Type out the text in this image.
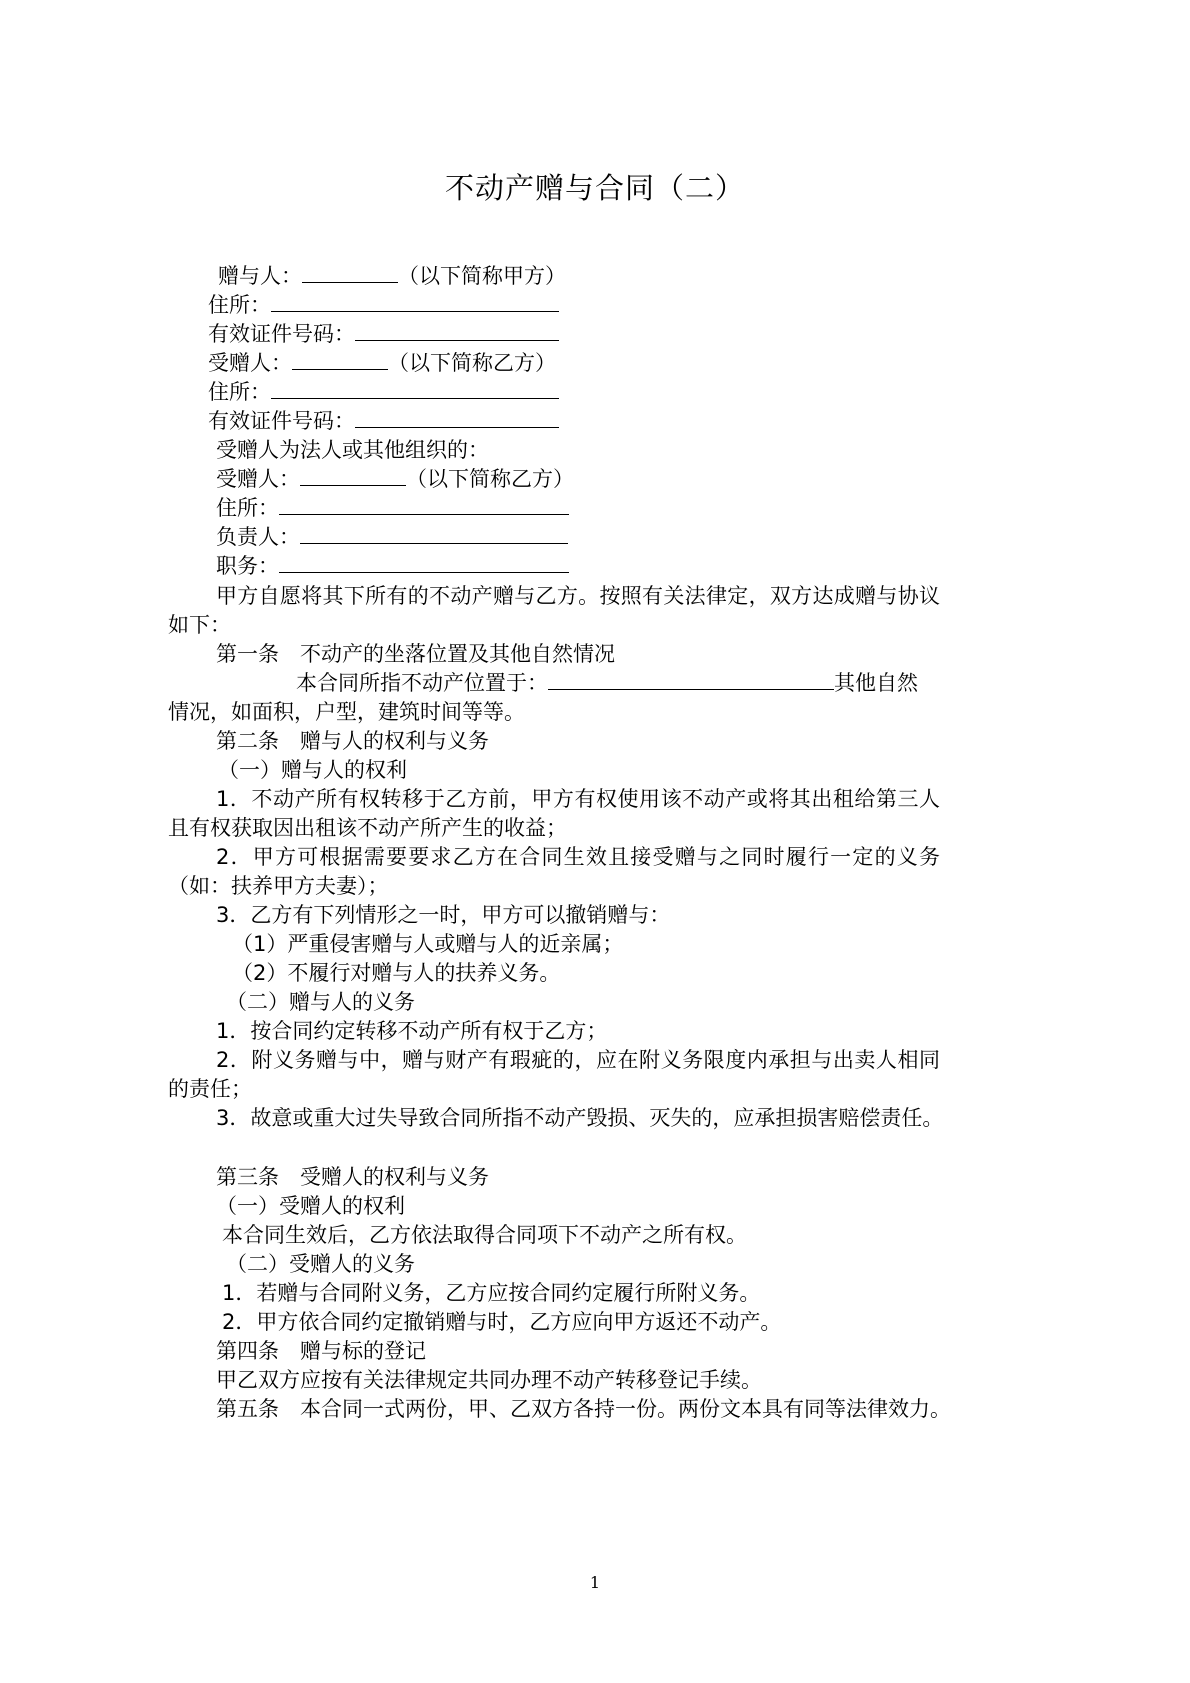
不动产赠与合同（二）
赠与人：	（以下简称甲方）
住所：
有效证件号码：
受赠人：	（以下简称乙方）
住所：
有效证件号码：
受赠人为法人或其他组织的：
受赠人：	（以下简称乙方）
住所：
负责人：
职务：
甲方自愿将其下所有的不动产赠与乙方。按照有关法律定，双方达成赠与协议
如下：
第一条　不动产的坐落位置及其他自然情况
本合同所指不动产位置于：	其他自然
情况，如面积，户型，建筑时间等等。
第二条　赠与人的权利与义务
（一）赠与人的权利
1．不动产所有权转移于乙方前，甲方有权使用该不动产或将其出租给第三人
且有权获取因出租该不动产所产生的收益；
2．甲方可根据需要要求乙方在合同生效且接受赠与之同时履行一定的义务
（如：扶养甲方夫妻）；
3．乙方有下列情形之一时，甲方可以撤销赠与：
（1）严重侵害赠与人或赠与人的近亲属；
（2）不履行对赠与人的扶养义务。
（二）赠与人的义务
1．按合同约定转移不动产所有权于乙方；
2．附义务赠与中，赠与财产有瑕疵的，应在附义务限度内承担与出卖人相同
的责任；
3．故意或重大过失导致合同所指不动产毁损、灭失的，应承担损害赔偿责任。
第三条　受赠人的权利与义务
（一）受赠人的权利
本合同生效后，乙方依法取得合同项下不动产之所有权。
（二）受赠人的义务
1．若赠与合同附义务，乙方应按合同约定履行所附义务。
2．甲方依合同约定撤销赠与时，乙方应向甲方返还不动产。
第四条　赠与标的登记
甲乙双方应按有关法律规定共同办理不动产转移登记手续。
第五条　本合同一式两份，甲、乙双方各持一份。两份文本具有同等法律效力。
1
